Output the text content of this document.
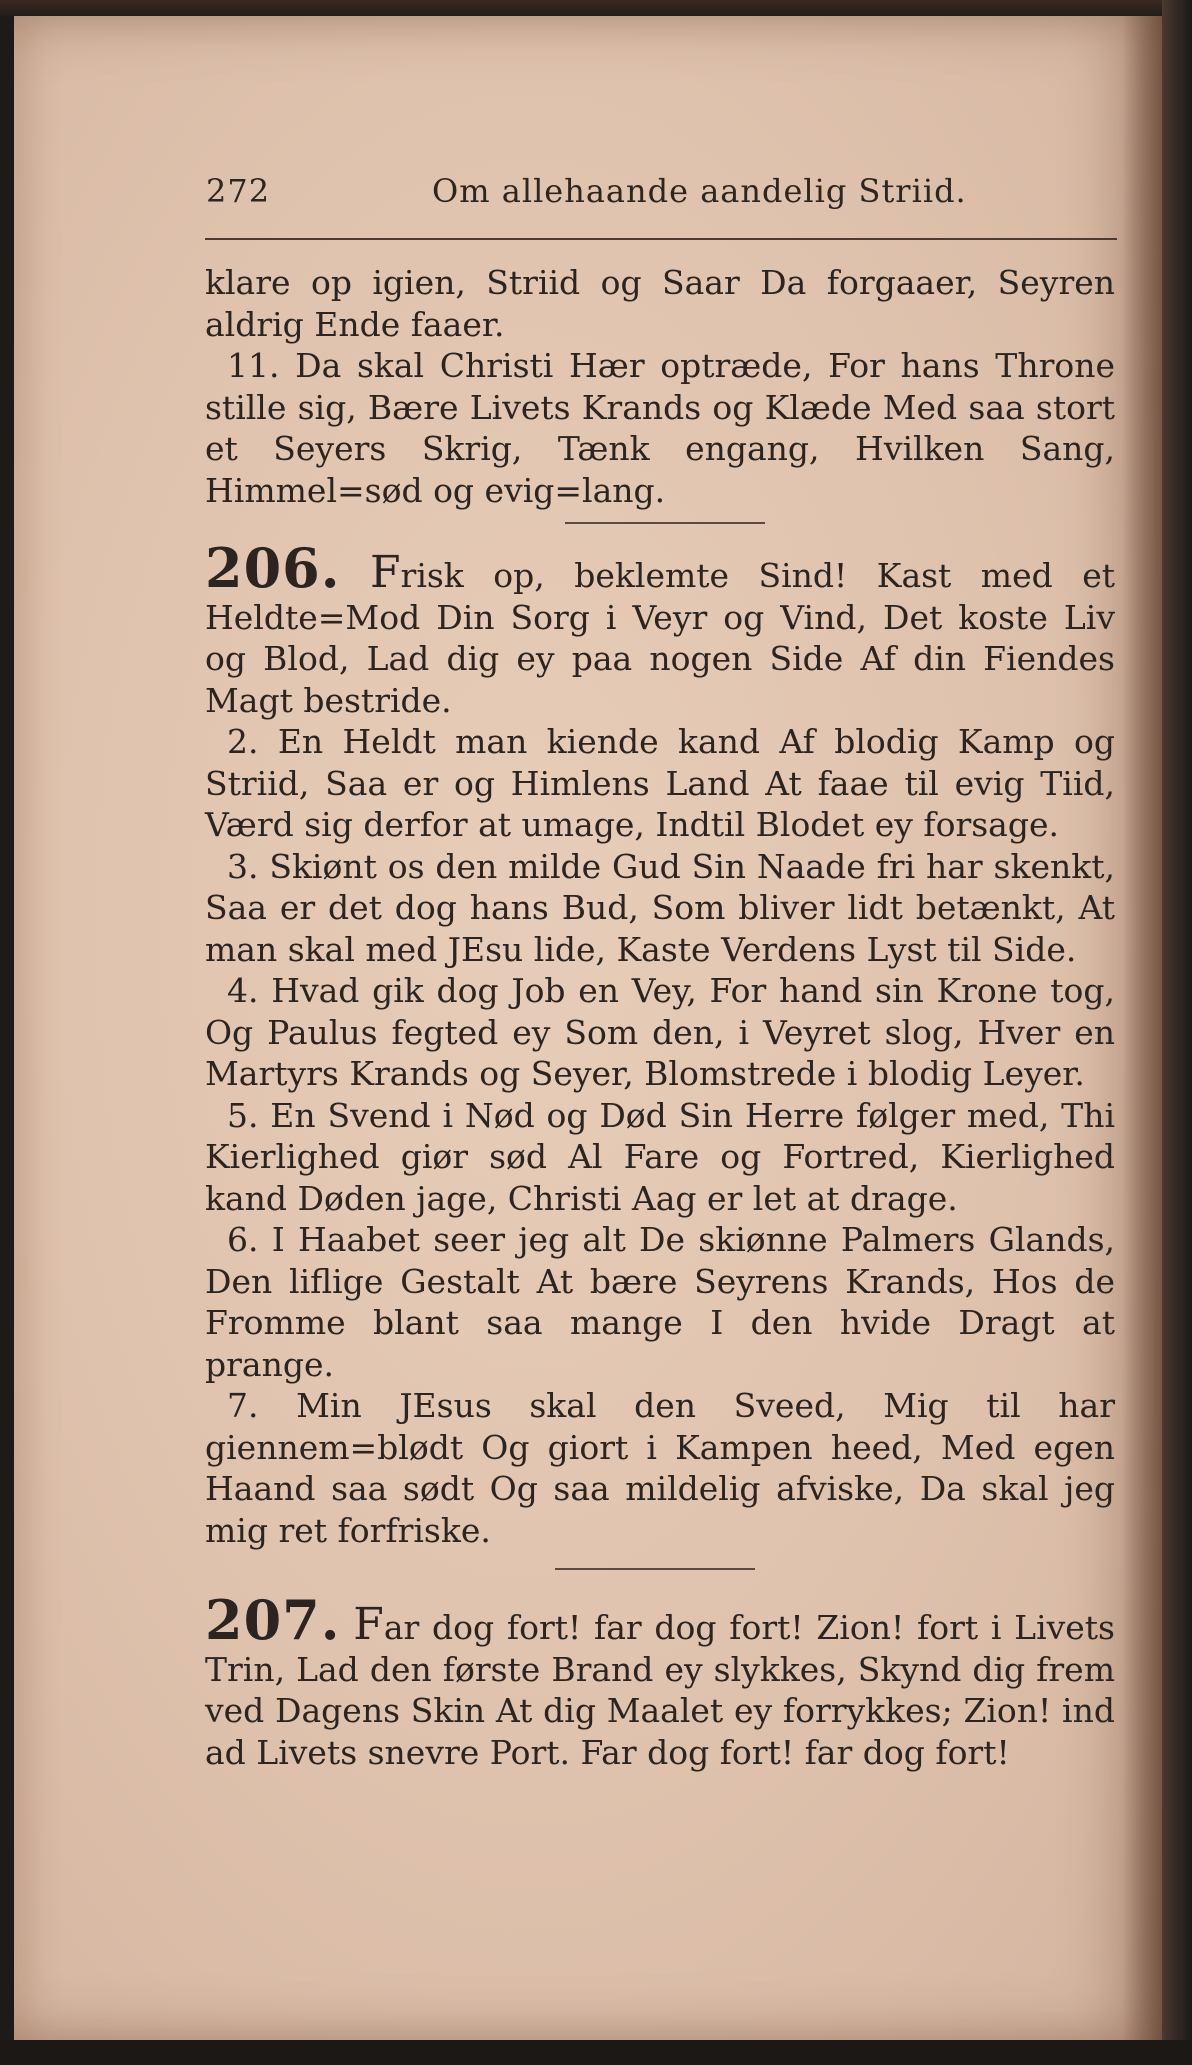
272	Om allehaande aandelig Striid.

klare op igien, Striid og Saar Da forgaaer, Seyren aldrig Ende faaer.

11. Da skal Christi Hær optræde, For hans Throne stille sig, Bære Livets Krands og Klæde Med saa stort et Seyers Skrig, Tænk engang, Hvilken Sang, Himmel=sød og evig=lang.

206. Frisk op, beklemte Sind! Kast med et Heldte=Mod Din Sorg i Veyr og Vind, Det koste Liv og Blod, Lad dig ey paa nogen Side Af din Fiendes Magt bestride.

2. En Heldt man kiende kand Af blodig Kamp og Striid, Saa er og Himlens Land At faae til evig Tiid, Værd sig derfor at umage, Indtil Blodet ey forsage.

3. Skiønt os den milde Gud Sin Naade fri har skenkt, Saa er det dog hans Bud, Som bliver lidt betænkt, At man skal med JEsu lide, Kaste Verdens Lyst til Side.

4. Hvad gik dog Job en Vey, For hand sin Krone tog, Og Paulus fegted ey Som den, i Veyret slog, Hver en Martyrs Krands og Seyer, Blomstrede i blodig Leyer.

5. En Svend i Nød og Død Sin Herre følger med, Thi Kierlighed giør sød Al Fare og Fortred, Kierlighed kand Døden jage, Christi Aag er let at drage.

6. I Haabet seer jeg alt De skiønne Palmers Glands, Den liflige Gestalt At bære Seyrens Krands, Hos de Fromme blant saa mange I den hvide Dragt at prange.

7. Min JEsus skal den Sveed, Mig til har giennem=blødt Og giort i Kampen heed, Med egen Haand saa sødt Og saa mildelig afviske, Da skal jeg mig ret forfriske.

207. Far dog fort! far dog fort! Zion! fort i Livets Trin, Lad den første Brand ey slykkes, Skynd dig frem ved Dagens Skin At dig Maalet ey forrykkes; Zion! ind ad Livets snevre Port. Far dog fort! far dog fort!
